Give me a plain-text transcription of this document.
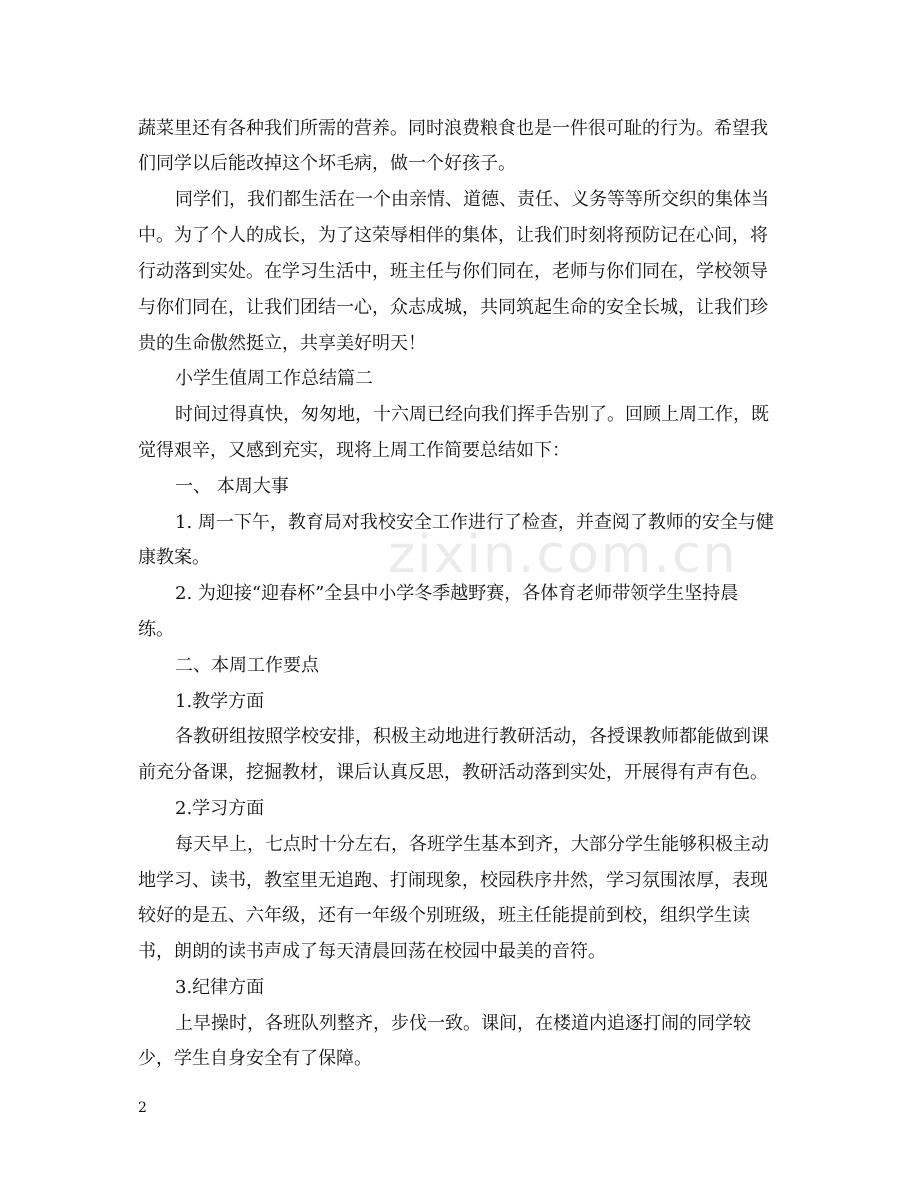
蔬菜里还有各种我们所需的营养。同时浪费粮食也是一件很可耻的行为。希望我
们同学以后能改掉这个坏毛病，做一个好孩子。
同学们，我们都生活在一个由亲情、道德、责任、义务等等所交织的集体当
中。为了个人的成长，为了这荣辱相伴的集体，让我们时刻将预防记在心间，将
行动落到实处。在学习生活中，班主任与你们同在，老师与你们同在，学校领导
与你们同在，让我们团结一心，众志成城，共同筑起生命的安全长城，让我们珍
贵的生命傲然挺立，共享美好明天！
小学生值周工作总结篇二
时间过得真快，匆匆地，十六周已经向我们挥手告别了。回顾上周工作，既
觉得艰辛，又感到充实，现将上周工作简要总结如下：
一、 本周大事
1. 周一下午，教育局对我校安全工作进行了检查，并查阅了教师的安全与健
康教案。
2. 为迎接“迎春杯”全县中小学冬季越野赛，各体育老师带领学生坚持晨
练。
二、本周工作要点
1.教学方面
各教研组按照学校安排，积极主动地进行教研活动，各授课教师都能做到课
前充分备课，挖掘教材，课后认真反思，教研活动落到实处，开展得有声有色。
2.学习方面
每天早上，七点时十分左右，各班学生基本到齐，大部分学生能够积极主动
地学习、读书，教室里无追跑、打闹现象，校园秩序井然，学习氛围浓厚，表现
较好的是五、六年级，还有一年级个别班级，班主任能提前到校，组织学生读
书，朗朗的读书声成了每天清晨回荡在校园中最美的音符。
3.纪律方面
上早操时，各班队列整齐，步伐一致。课间，在楼道内追逐打闹的同学较
少，学生自身安全有了保障。
zixin.com.cn
2
